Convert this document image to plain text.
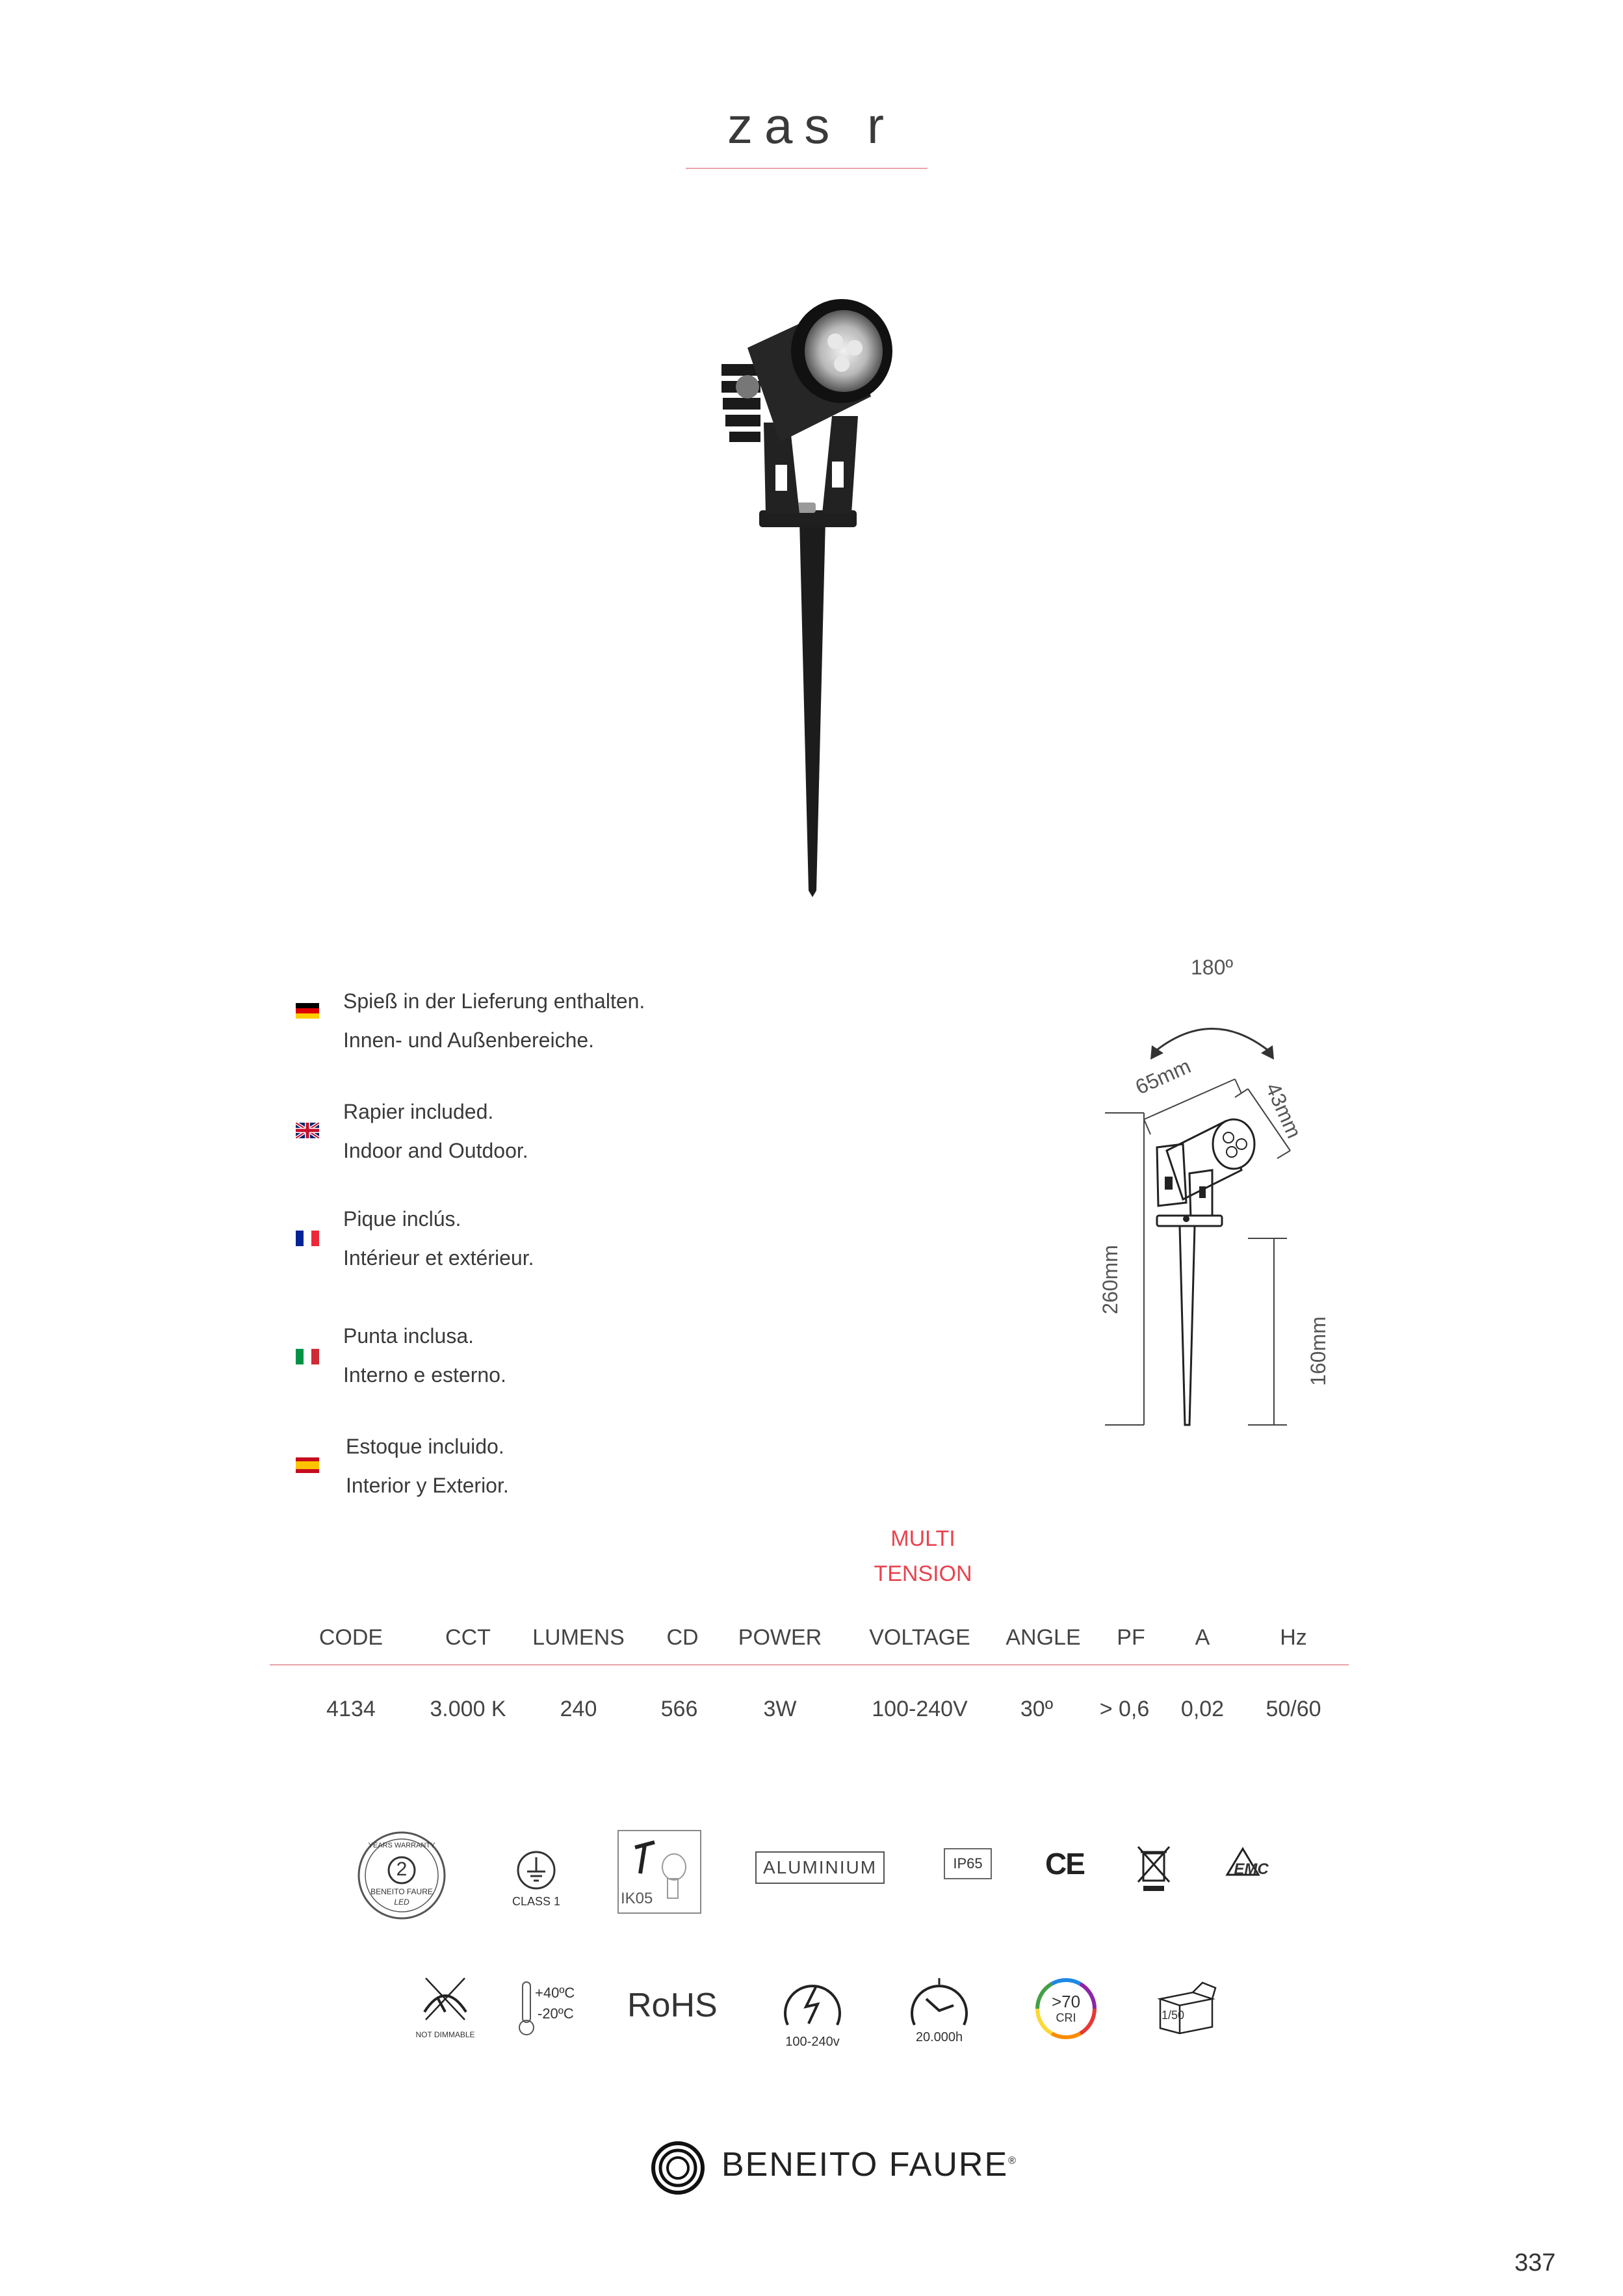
zas r
Spieß in der Lieferung enthalten.
Innen- und Außenbereiche.
Rapier included.
Indoor and Outdoor.
Pique inclús.
Intérieur et extérieur.
Punta inclusa.
Interno e esterno.
Estoque incluido.
Interior y Exterior.
180º
65mm
43mm
260mm
160mm
MULTI
TENSION
CODE	CCT	LUMENS	CD	POWER	VOLTAGE	ANGLE	PF	A	Hz
4134	3.000 K	240	566	3W	100-240V	30º	> 0,6	0,02	50/60
2
YEARS WARRANTY
BENEITO FAURE
LED	CLASS 1	IK05
ALUMINIUM	IP65 CE	EMC
NOT DIMMABLE
+40ºC
-20ºC RoHS
100-240v	20.000h
>70
CRI	1/50
BENEITO FAURE®
337
